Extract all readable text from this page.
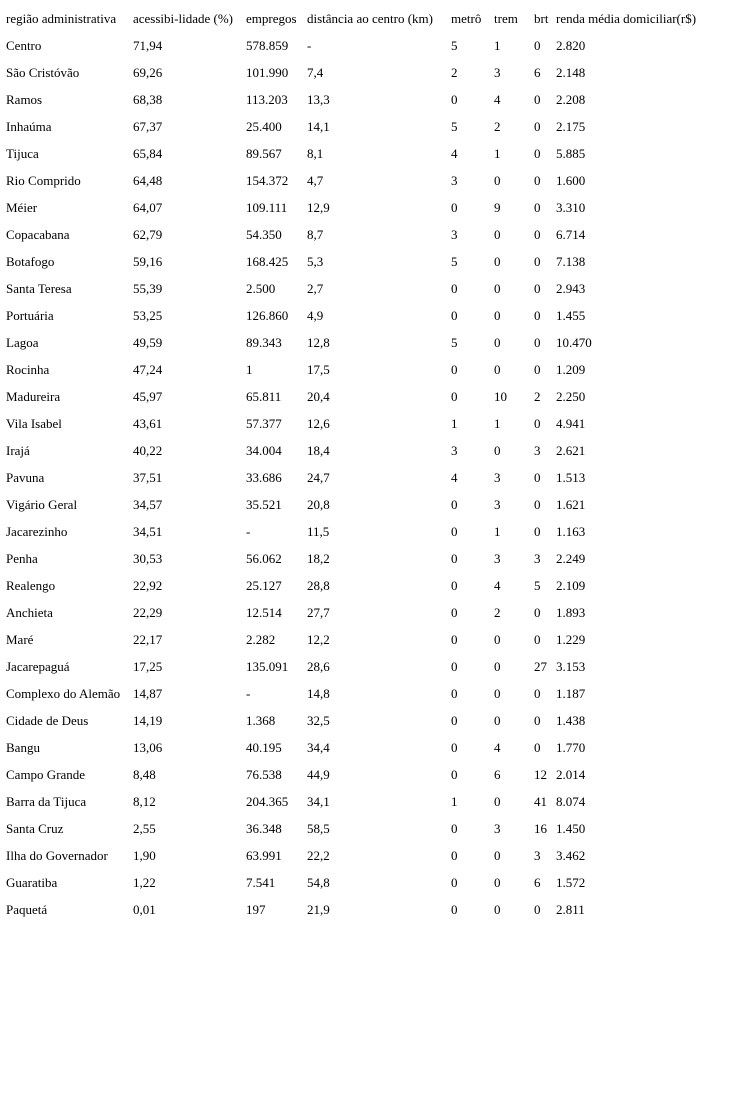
região administrativa	acessibi-lidade (%)	empregos	distância ao centro (km)	metrô	trem	brt	renda média domiciliar(r$)
Centro	71,94	578.859	-	5	1	0	2.820
São Cristóvão	69,26	101.990	7,4	2	3	6	2.148
Ramos	68,38	113.203	13,3	0	4	0	2.208
Inhaúma	67,37	25.400	14,1	5	2	0	2.175
Tijuca	65,84	89.567	8,1	4	1	0	5.885
Rio Comprido	64,48	154.372	4,7	3	0	0	1.600
Méier	64,07	109.111	12,9	0	9	0	3.310
Copacabana	62,79	54.350	8,7	3	0	0	6.714
Botafogo	59,16	168.425	5,3	5	0	0	7.138
Santa Teresa	55,39	2.500	2,7	0	0	0	2.943
Portuária	53,25	126.860	4,9	0	0	0	1.455
Lagoa	49,59	89.343	12,8	5	0	0	10.470
Rocinha	47,24	1	17,5	0	0	0	1.209
Madureira	45,97	65.811	20,4	0	10	2	2.250
Vila Isabel	43,61	57.377	12,6	1	1	0	4.941
Irajá	40,22	34.004	18,4	3	0	3	2.621
Pavuna	37,51	33.686	24,7	4	3	0	1.513
Vigário Geral	34,57	35.521	20,8	0	3	0	1.621
Jacarezinho	34,51	-	11,5	0	1	0	1.163
Penha	30,53	56.062	18,2	0	3	3	2.249
Realengo	22,92	25.127	28,8	0	4	5	2.109
Anchieta	22,29	12.514	27,7	0	2	0	1.893
Maré	22,17	2.282	12,2	0	0	0	1.229
Jacarepaguá	17,25	135.091	28,6	0	0	27	3.153
Complexo do Alemão	14,87	-	14,8	0	0	0	1.187
Cidade de Deus	14,19	1.368	32,5	0	0	0	1.438
Bangu	13,06	40.195	34,4	0	4	0	1.770
Campo Grande	8,48	76.538	44,9	0	6	12	2.014
Barra da Tijuca	8,12	204.365	34,1	1	0	41	8.074
Santa Cruz	2,55	36.348	58,5	0	3	16	1.450
Ilha do Governador	1,90	63.991	22,2	0	0	3	3.462
Guaratiba	1,22	7.541	54,8	0	0	6	1.572
Paquetá	0,01	197	21,9	0	0	0	2.811
